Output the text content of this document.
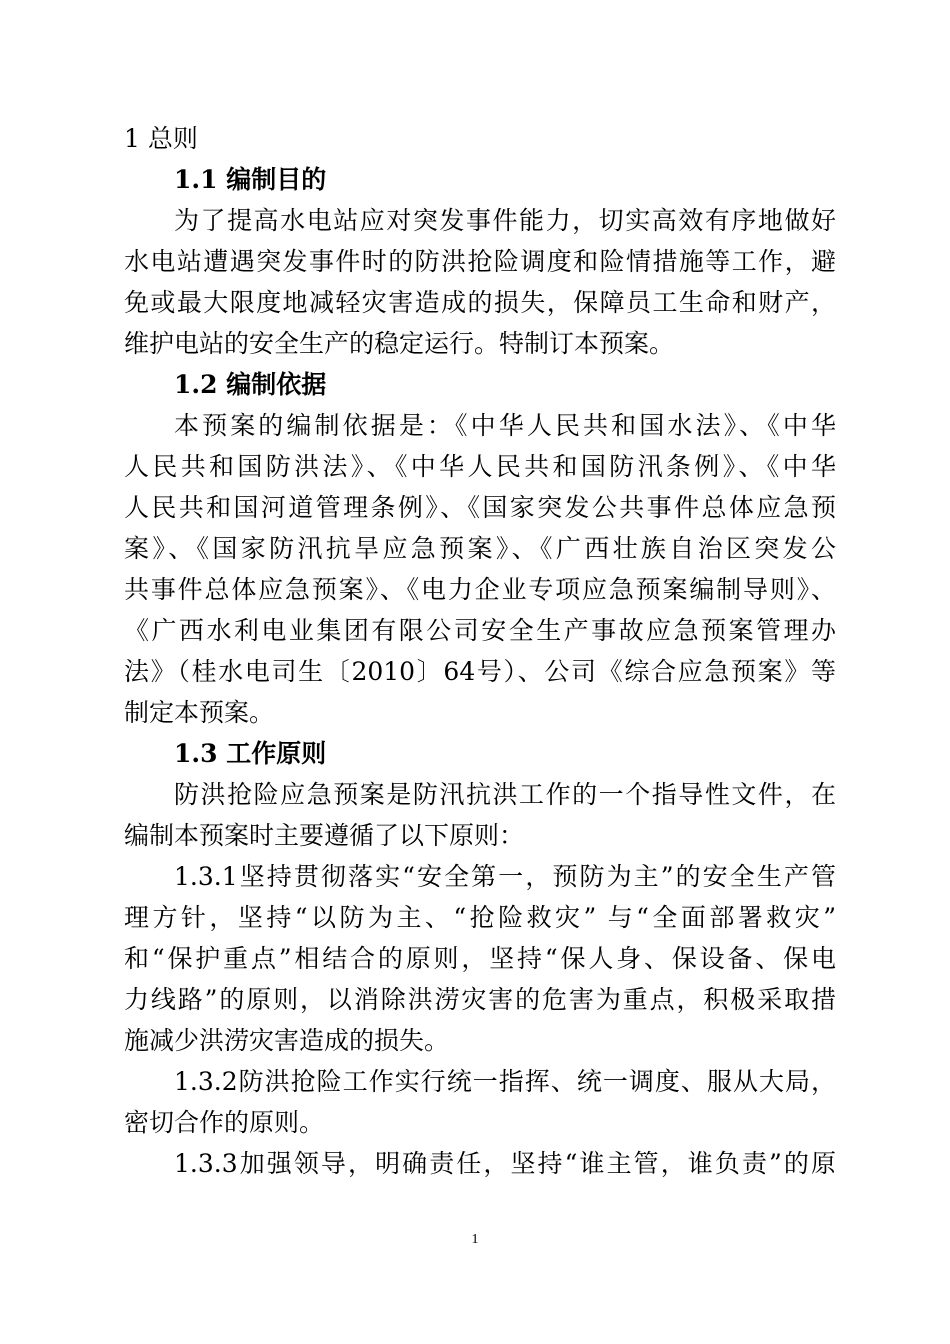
1 总则

1.1 编制目的

为了提高水电站应对突发事件能力，切实高效有序地做好

水电站遭遇突发事件时的防洪抢险调度和险情措施等工作，避

免或最大限度地减轻灾害造成的损失，保障员工生命和财产，

维护电站的安全生产的稳定运行。特制订本预案。

1.2 编制依据

本预案的编制依据是：《中华人民共和国水法》、《中华

人民共和国防洪法》、《中华人民共和国防汛条例》、《中华

人民共和国河道管理条例》、《国家突发公共事件总体应急预

案》、《国家防汛抗旱应急预案》、《广西壮族自治区突发公

共事件总体应急预案》、《电力企业专项应急预案编制导则》、

《广西水利电业集团有限公司安全生产事故应急预案管理办

法》（桂水电司生〔2010〕64号）、公司《综合应急预案》等

制定本预案。

1.3 工作原则

防洪抢险应急预案是防汛抗洪工作的一个指导性文件，在

编制本预案时主要遵循了以下原则：

1.3.1坚持贯彻落实“安全第一，预防为主”的安全生产管

理方针，坚持“以防为主、“抢险救灾” 与“全面部署救灾”

和“保护重点”相结合的原则，坚持“保人身、保设备、保电

力线路”的原则，以消除洪涝灾害的危害为重点，积极采取措

施减少洪涝灾害造成的损失。

1.3.2防洪抢险工作实行统一指挥、统一调度、服从大局，

密切合作的原则。

1.3.3加强领导，明确责任，坚持“谁主管，谁负责”的原

1
